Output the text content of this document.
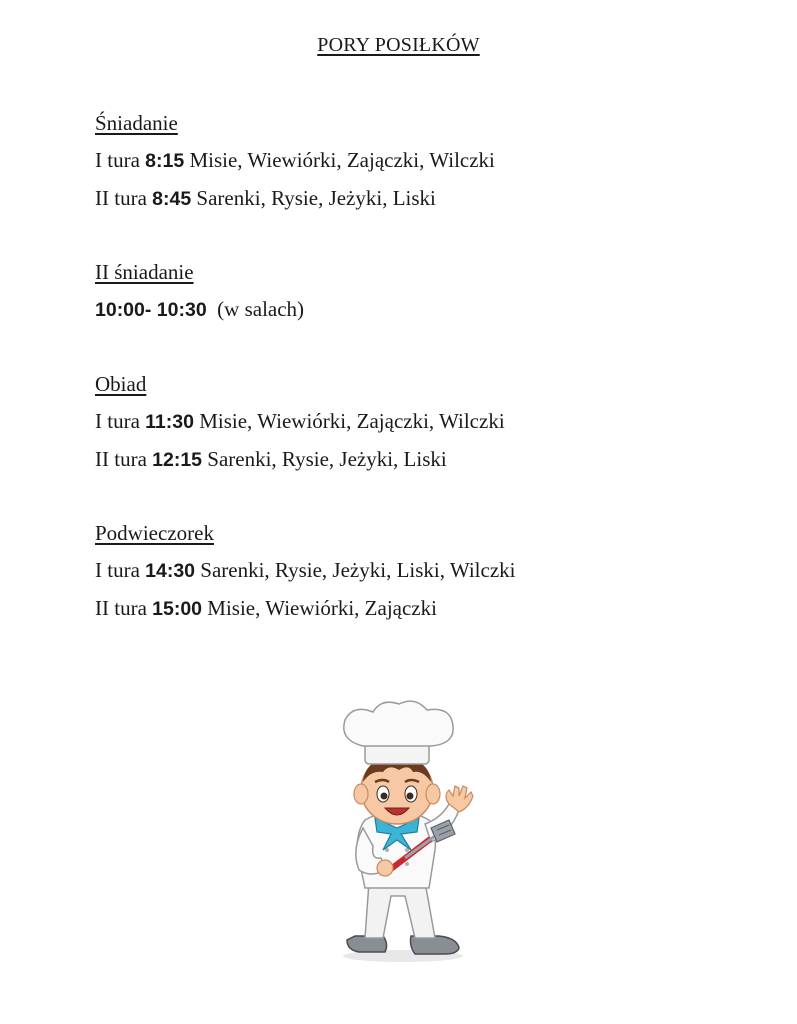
PORY POSIŁKÓW
Śniadanie
I tura 8:15 Misie, Wiewiórki, Zajączki, Wilczki
II tura 8:45 Sarenki, Rysie, Jeżyki, Liski
II śniadanie
10:00- 10:30  (w salach)
Obiad
I tura 11:30 Misie, Wiewiórki, Zajączki, Wilczki
II tura 12:15 Sarenki, Rysie, Jeżyki, Liski
Podwieczorek
I tura 14:30 Sarenki, Rysie, Jeżyki, Liski, Wilczki
II tura 15:00 Misie, Wiewiórki, Zajączki
